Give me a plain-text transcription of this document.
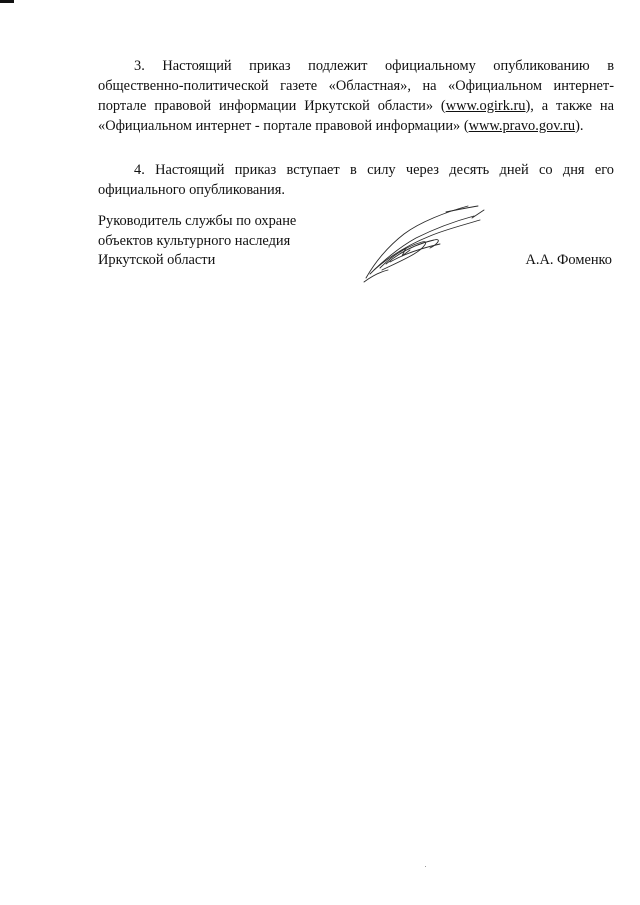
3. Настоящий приказ подлежит официальному опубликованию в общественно-политической газете «Областная», на «Официальном интернет-портале правовой информации Иркутской области» (www.ogirk.ru), а также на «Официальном интернет - портале правовой информации» (www.pravo.gov.ru).

4. Настоящий приказ вступает в силу через десять дней со дня его официального опубликования.

Руководитель службы по охране
объектов культурного наследия
Иркутской области	А.А. Фоменко
